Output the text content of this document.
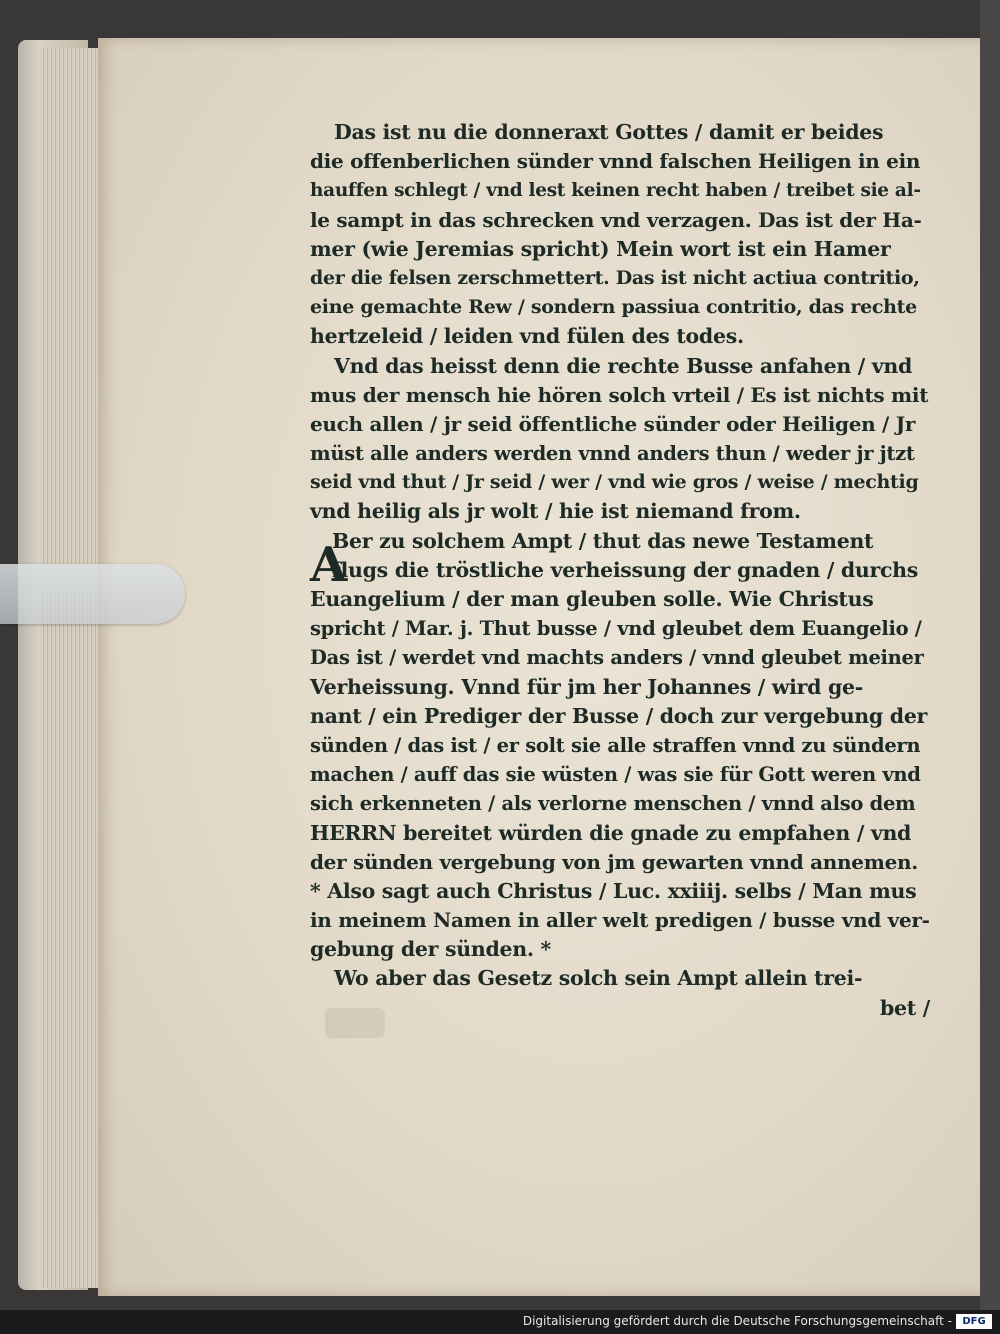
A
Das ist nu die donneraxt Gottes / damit er beides
die offenberlichen sünder vnnd falschen Heiligen in ein
hauffen schlegt / vnd lest keinen recht haben / treibet sie al-
le sampt in das schrecken vnd verzagen. Das ist der Ha-
mer (wie Jeremias spricht) Mein wort ist ein Hamer
der die felsen zerschmettert. Das ist nicht actiua contritio,
eine gemachte Rew / sondern passiua contritio, das rechte
hertzeleid / leiden vnd fülen des todes.
Vnd das heisst denn die rechte Busse anfahen / vnd
mus der mensch hie hören solch vrteil / Es ist nichts mit
euch allen / jr seid öffentliche sünder oder Heiligen / Jr
müst alle anders werden vnnd anders thun / weder jr jtzt
seid vnd thut / Jr seid / wer / vnd wie gros / weise / mechtig
vnd heilig als jr wolt / hie ist niemand from.
Ber zu solchem Ampt / thut das newe Testament
flugs die tröstliche verheissung der gnaden / durchs
Euangelium / der man gleuben solle. Wie Christus
spricht / Mar. j. Thut busse / vnd gleubet dem Euangelio /
Das ist / werdet vnd machts anders / vnnd gleubet meiner
Verheissung. Vnnd für jm her Johannes / wird ge-
nant / ein Prediger der Busse / doch zur vergebung der
sünden / das ist / er solt sie alle straffen vnnd zu sündern
machen / auff das sie wüsten / was sie für Gott weren vnd
sich erkenneten / als verlorne menschen / vnnd also dem
HERRN bereitet würden die gnade zu empfahen / vnd
der sünden vergebung von jm gewarten vnnd annemen.
* Also sagt auch Christus / Luc. xxiiij. selbs / Man mus
in meinem Namen in aller welt predigen / busse vnd ver-
gebung der sünden. *
Wo aber das Gesetz solch sein Ampt allein trei-
bet /
Digitalisierung gefördert durch die Deutsche Forschungsgemeinschaft -	DFG
